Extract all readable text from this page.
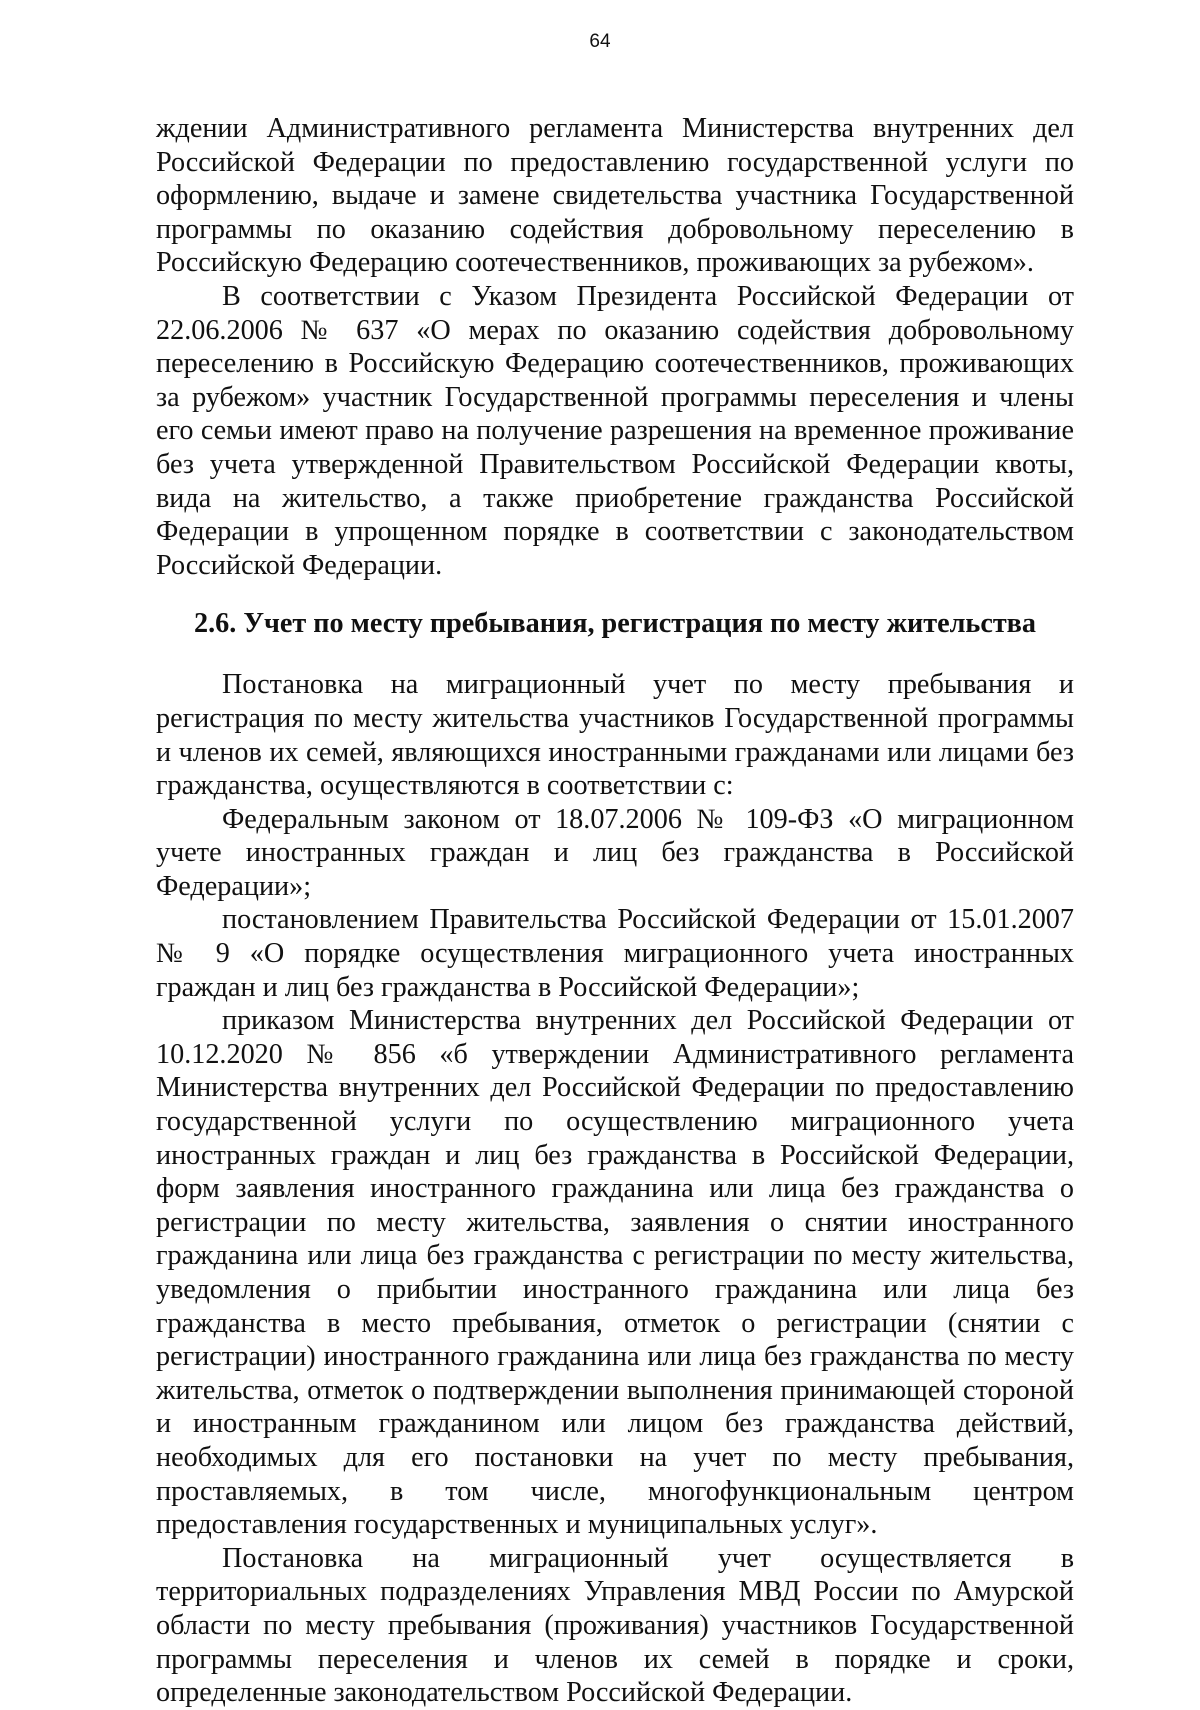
64

ждении Административного регламента Министерства внутренних дел Российской Федерации по предоставлению государственной услуги по оформлению, выдаче и замене свидетельства участника Государственной программы по оказанию содействия добровольному переселению в Российскую Федерацию соотечественников, проживающих за рубежом».

В соответствии с Указом Президента Российской Федерации от 22.06.2006 № 637 «О мерах по оказанию содействия добровольному переселению в Российскую Федерацию соотечественников, проживающих за рубежом» участник Государственной программы переселения и члены его семьи имеют право на получение разрешения на временное проживание без учета утвержденной Правительством Российской Федерации квоты, вида на жительство, а также приобретение гражданства Российской Федерации в упрощенном порядке в соответствии с законодательством Российской Федерации.

2.6. Учет по месту пребывания, регистрация по месту жительства

Постановка на миграционный учет по месту пребывания и регистрация по месту жительства участников Государственной программы и членов их семей, являющихся иностранными гражданами или лицами без гражданства, осуществляются в соответствии с:

Федеральным законом от 18.07.2006 № 109-ФЗ «О миграционном учете иностранных граждан и лиц без гражданства в Российской Федерации»;

постановлением Правительства Российской Федерации от 15.01.2007 № 9 «О порядке осуществления миграционного учета иностранных граждан и лиц без гражданства в Российской Федерации»;

приказом Министерства внутренних дел Российской Федерации от 10.12.2020 № 856 «б утверждении Административного регламента Министерства внутренних дел Российской Федерации по предоставлению государственной услуги по осуществлению миграционного учета иностранных граждан и лиц без гражданства в Российской Федерации, форм заявления иностранного гражданина или лица без гражданства о регистрации по месту жительства, заявления о снятии иностранного гражданина или лица без гражданства с регистрации по месту жительства, уведомления о прибытии иностранного гражданина или лица без гражданства в место пребывания, отметок о регистрации (снятии с регистрации) иностранного гражданина или лица без гражданства по месту жительства, отметок о подтверждении выполнения принимающей стороной и иностранным гражданином или лицом без гражданства действий, необходимых для его постановки на учет по месту пребывания, проставляемых, в том числе, многофункциональным центром предоставления государственных и муниципальных услуг».

Постановка на миграционный учет осуществляется в территориальных подразделениях Управления МВД России по Амурской области по месту пребывания (проживания) участников Государственной программы переселения и членов их семей в порядке и сроки, определенные законодательством Российской Федерации.
